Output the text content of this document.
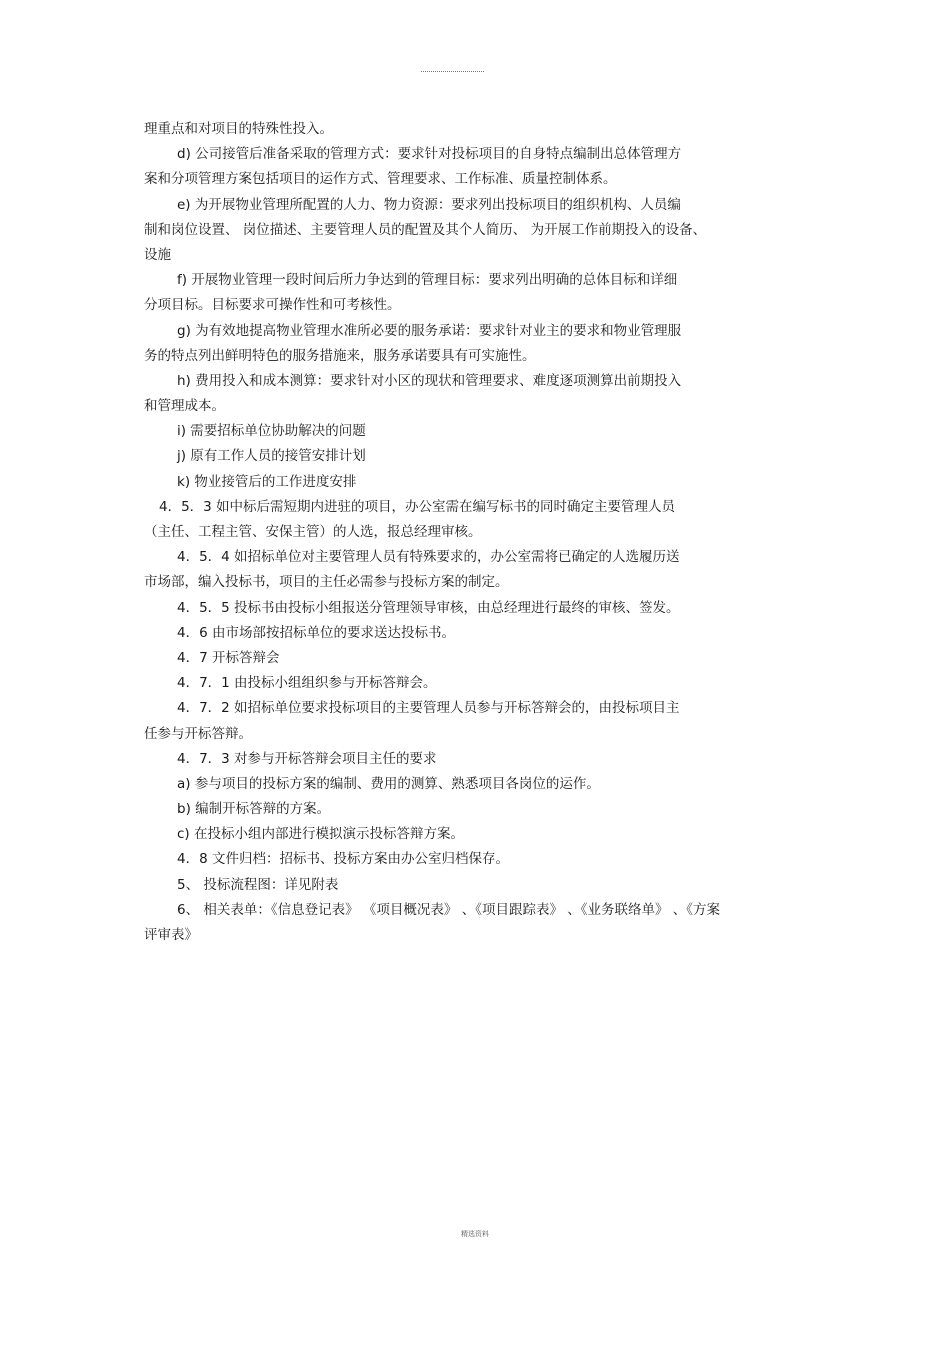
理重点和对项目的特殊性投入。
d) 公司接管后准备采取的管理方式：要求针对投标项目的自身特点编制出总体管理方
案和分项管理方案包括项目的运作方式、管理要求、工作标准、质量控制体系。
e) 为开展物业管理所配置的人力、物力资源：要求列出投标项目的组织机构、人员编
制和岗位设置、 岗位描述、主要管理人员的配置及其个人简历、 为开展工作前期投入的设备、
设施
f) 开展物业管理一段时间后所力争达到的管理目标：要求列出明确的总体目标和详细
分项目标。目标要求可操作性和可考核性。
g) 为有效地提高物业管理水准所必要的服务承诺：要求针对业主的要求和物业管理服
务的特点列出鲜明特色的服务措施来，服务承诺要具有可实施性。
h) 费用投入和成本测算：要求针对小区的现状和管理要求、难度逐项测算出前期投入
和管理成本。
i) 需要招标单位协助解决的问题
j) 原有工作人员的接管安排计划
k) 物业接管后的工作进度安排
4．5．3 如中标后需短期内进驻的项目，办公室需在编写标书的同时确定主要管理人员
（主任、工程主管、安保主管）的人选，报总经理审核。
4．5．4 如招标单位对主要管理人员有特殊要求的，办公室需将已确定的人选履历送
市场部，编入投标书，项目的主任必需参与投标方案的制定。
4．5．5 投标书由投标小组报送分管理领导审核，由总经理进行最终的审核、签发。
4．6 由市场部按招标单位的要求送达投标书。
4．7 开标答辩会
4．7．1 由投标小组组织参与开标答辩会。
4．7．2 如招标单位要求投标项目的主要管理人员参与开标答辩会的，由投标项目主
任参与开标答辩。
4．7．3 对参与开标答辩会项目主任的要求
a) 参与项目的投标方案的编制、费用的测算、熟悉项目各岗位的运作。
b) 编制开标答辩的方案。
c) 在投标小组内部进行模拟演示投标答辩方案。
4．8 文件归档：招标书、投标方案由办公室归档保存。
5、 投标流程图：详见附表
6、 相关表单：《信息登记表》 《项目概况表》 、《项目跟踪表》 、《业务联络单》 、《方案
评审表》
精选资料
